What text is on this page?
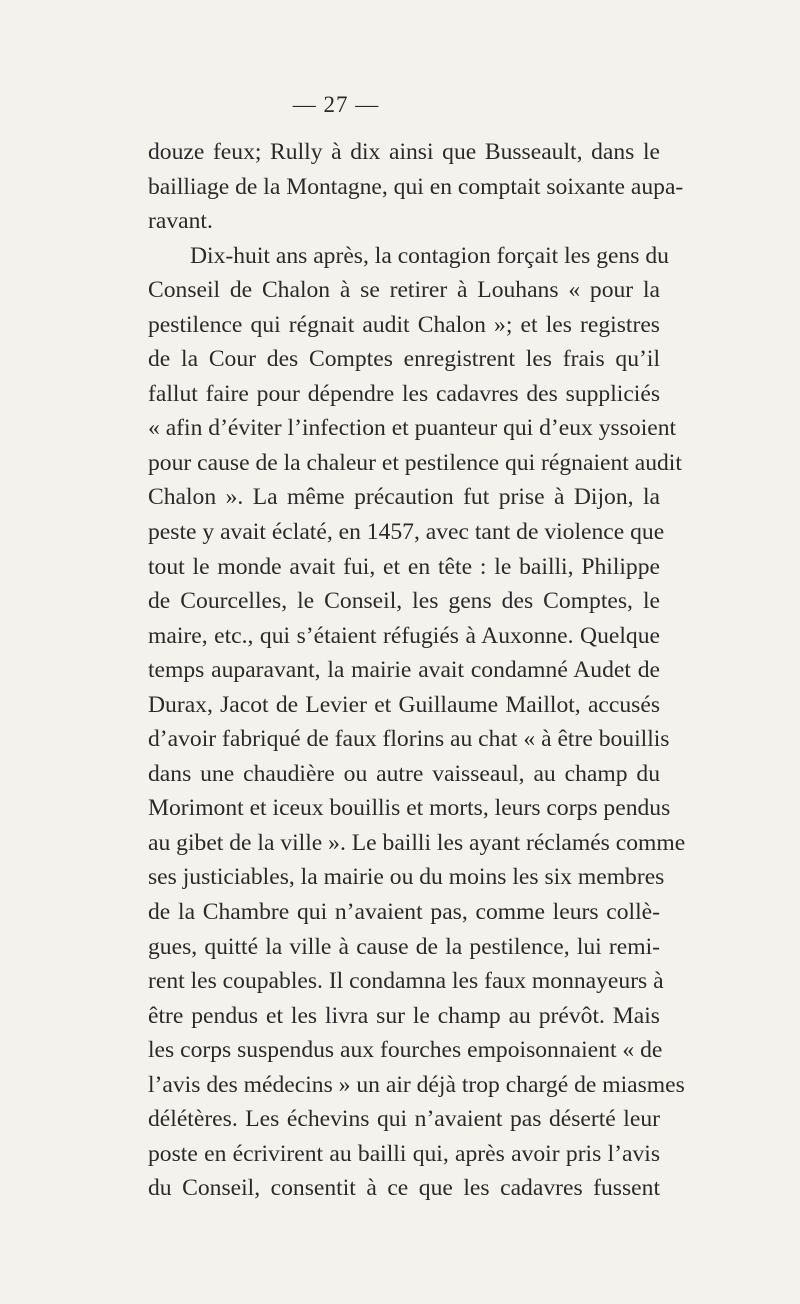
— 27 —
douze feux; Rully à dix ainsi que Busseault, dans le
bailliage de la Montagne, qui en comptait soixante aupa-
ravant.
Dix-huit ans après, la contagion forçait les gens du
Conseil de Chalon à se retirer à Louhans « pour la
pestilence qui régnait audit Chalon »; et les registres
de la Cour des Comptes enregistrent les frais qu’il
fallut faire pour dépendre les cadavres des suppliciés
« afin d’éviter l’infection et puanteur qui d’eux yssoient
pour cause de la chaleur et pestilence qui régnaient audit
Chalon ». La même précaution fut prise à Dijon, la
peste y avait éclaté, en 1457, avec tant de violence que
tout le monde avait fui, et en tête : le bailli, Philippe
de Courcelles, le Conseil, les gens des Comptes, le
maire, etc., qui s’étaient réfugiés à Auxonne. Quelque
temps auparavant, la mairie avait condamné Audet de
Durax, Jacot de Levier et Guillaume Maillot, accusés
d’avoir fabriqué de faux florins au chat « à être bouillis
dans une chaudière ou autre vaisseaul, au champ du
Morimont et iceux bouillis et morts, leurs corps pendus
au gibet de la ville ». Le bailli les ayant réclamés comme
ses justiciables, la mairie ou du moins les six membres
de la Chambre qui n’avaient pas, comme leurs collè-
gues, quitté la ville à cause de la pestilence, lui remi-
rent les coupables. Il condamna les faux monnayeurs à
être pendus et les livra sur le champ au prévôt. Mais
les corps suspendus aux fourches empoisonnaient « de
l’avis des médecins » un air déjà trop chargé de miasmes
délétères. Les échevins qui n’avaient pas déserté leur
poste en écrivirent au bailli qui, après avoir pris l’avis
du Conseil, consentit à ce que les cadavres fussent
